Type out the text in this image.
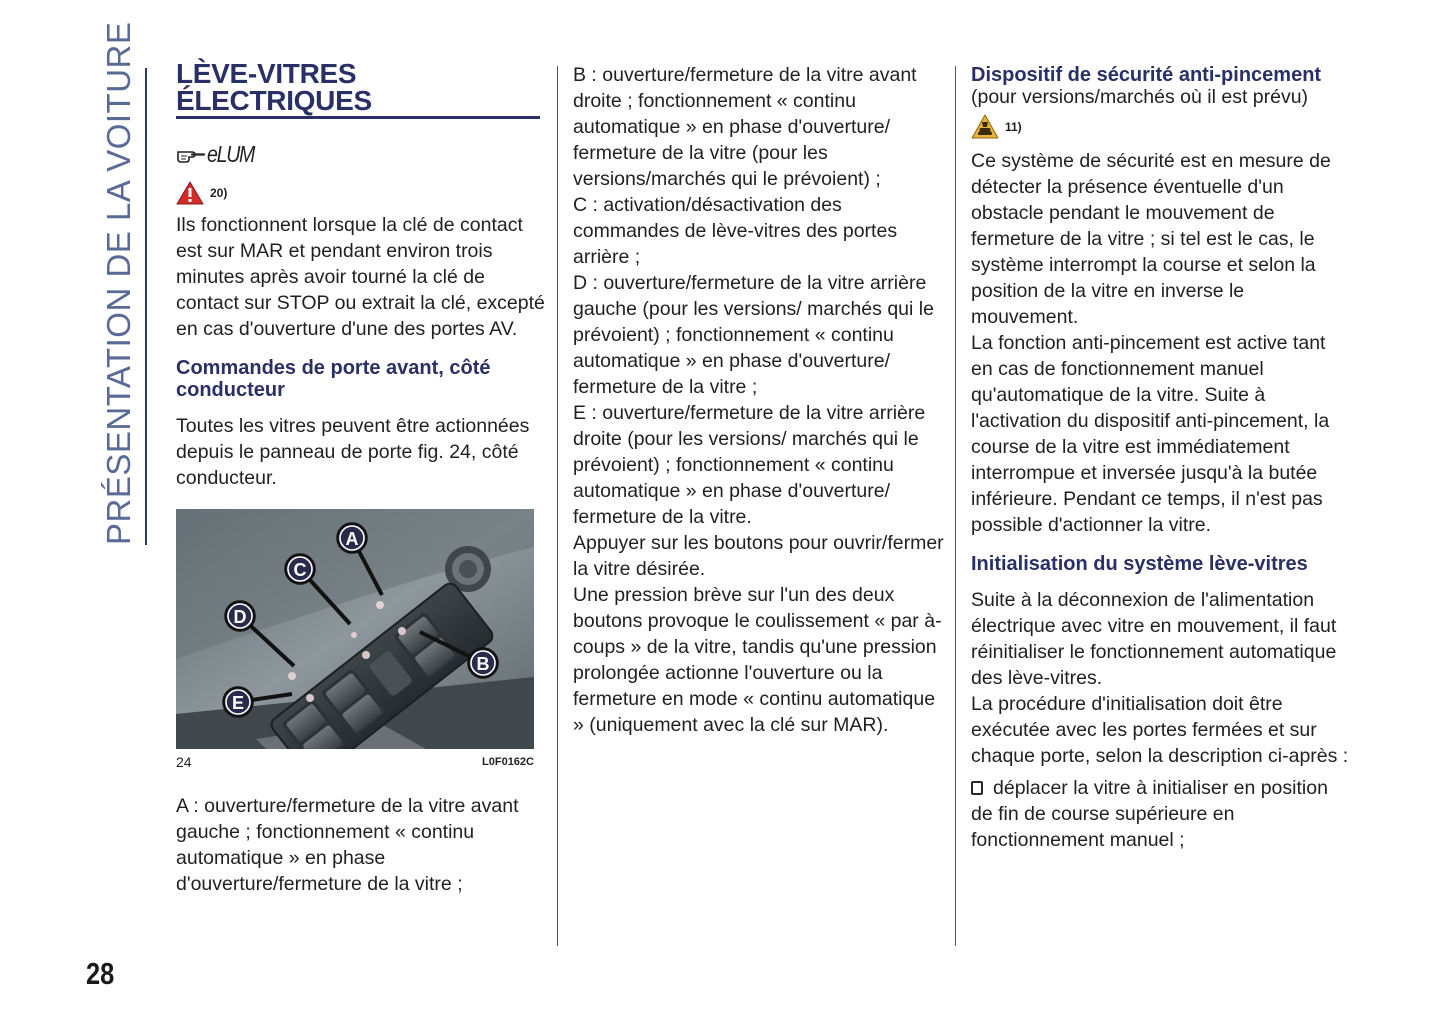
PRÉSENTATION DE LA VOITURE
28
LÈVE-VITRES
ÉLECTRIQUES
eLUM
20)

Ils fonctionnent lorsque la clé de contact est sur MAR et pendant environ trois minutes après avoir tourné la clé de contact sur STOP ou extrait la clé, excepté en cas d'ouverture d'une des portes AV.

Commandes de porte avant, côté conducteur

Toutes les vitres peuvent être actionnées depuis le panneau de porte fig. 24, côté conducteur.

A
C
D
E
B
24	L0F0162C

A : ouverture/fermeture de la vitre avant gauche ; fonctionnement « continu automatique » en phase d'ouverture/fermeture de la vitre ;

B : ouverture/fermeture de la vitre avant droite ; fonctionnement « continu automatique » en phase d'ouverture/ fermeture de la vitre (pour les versions/marchés qui le prévoient) ;

C : activation/désactivation des commandes de lève-vitres des portes arrière ;

D : ouverture/fermeture de la vitre arrière gauche (pour les versions/ marchés qui le prévoient) ; fonctionnement « continu automatique » en phase d'ouverture/ fermeture de la vitre ;

E : ouverture/fermeture de la vitre arrière droite (pour les versions/ marchés qui le prévoient) ; fonctionnement « continu automatique » en phase d'ouverture/ fermeture de la vitre.

Appuyer sur les boutons pour ouvrir/fermer la vitre désirée.

Une pression brève sur l'un des deux boutons provoque le coulissement « par à-coups » de la vitre, tandis qu'une pression prolongée actionne l'ouverture ou la fermeture en mode « continu automatique » (uniquement avec la clé sur MAR).

Dispositif de sécurité anti-pincement

(pour versions/marchés où il est prévu)

11)

Ce système de sécurité est en mesure de détecter la présence éventuelle d'un obstacle pendant le mouvement de fermeture de la vitre ; si tel est le cas, le système interrompt la course et selon la position de la vitre en inverse le mouvement.

La fonction anti-pincement est active tant en cas de fonctionnement manuel qu'automatique de la vitre. Suite à l'activation du dispositif anti-pincement, la course de la vitre est immédiatement interrompue et inversée jusqu'à la butée inférieure. Pendant ce temps, il n'est pas possible d'actionner la vitre.

Initialisation du système lève-vitres

Suite à la déconnexion de l'alimentation électrique avec vitre en mouvement, il faut réinitialiser le fonctionnement automatique des lève-vitres.

La procédure d'initialisation doit être exécutée avec les portes fermées et sur chaque porte, selon la description ci-après :

déplacer la vitre à initialiser en position de fin de course supérieure en fonctionnement manuel ;
